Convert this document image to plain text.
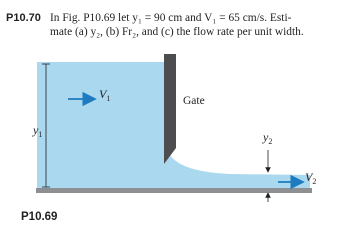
P10.70 In Fig. P10.69 let y₁ = 90 cm and V₁ = 65 cm/s. Esti-
mate (a) y₂, (b) Fr₂, and (c) the flow rate per unit width.
$y_1$
$V_1$	Gate
$y_2$
$V_2$
P10.69
